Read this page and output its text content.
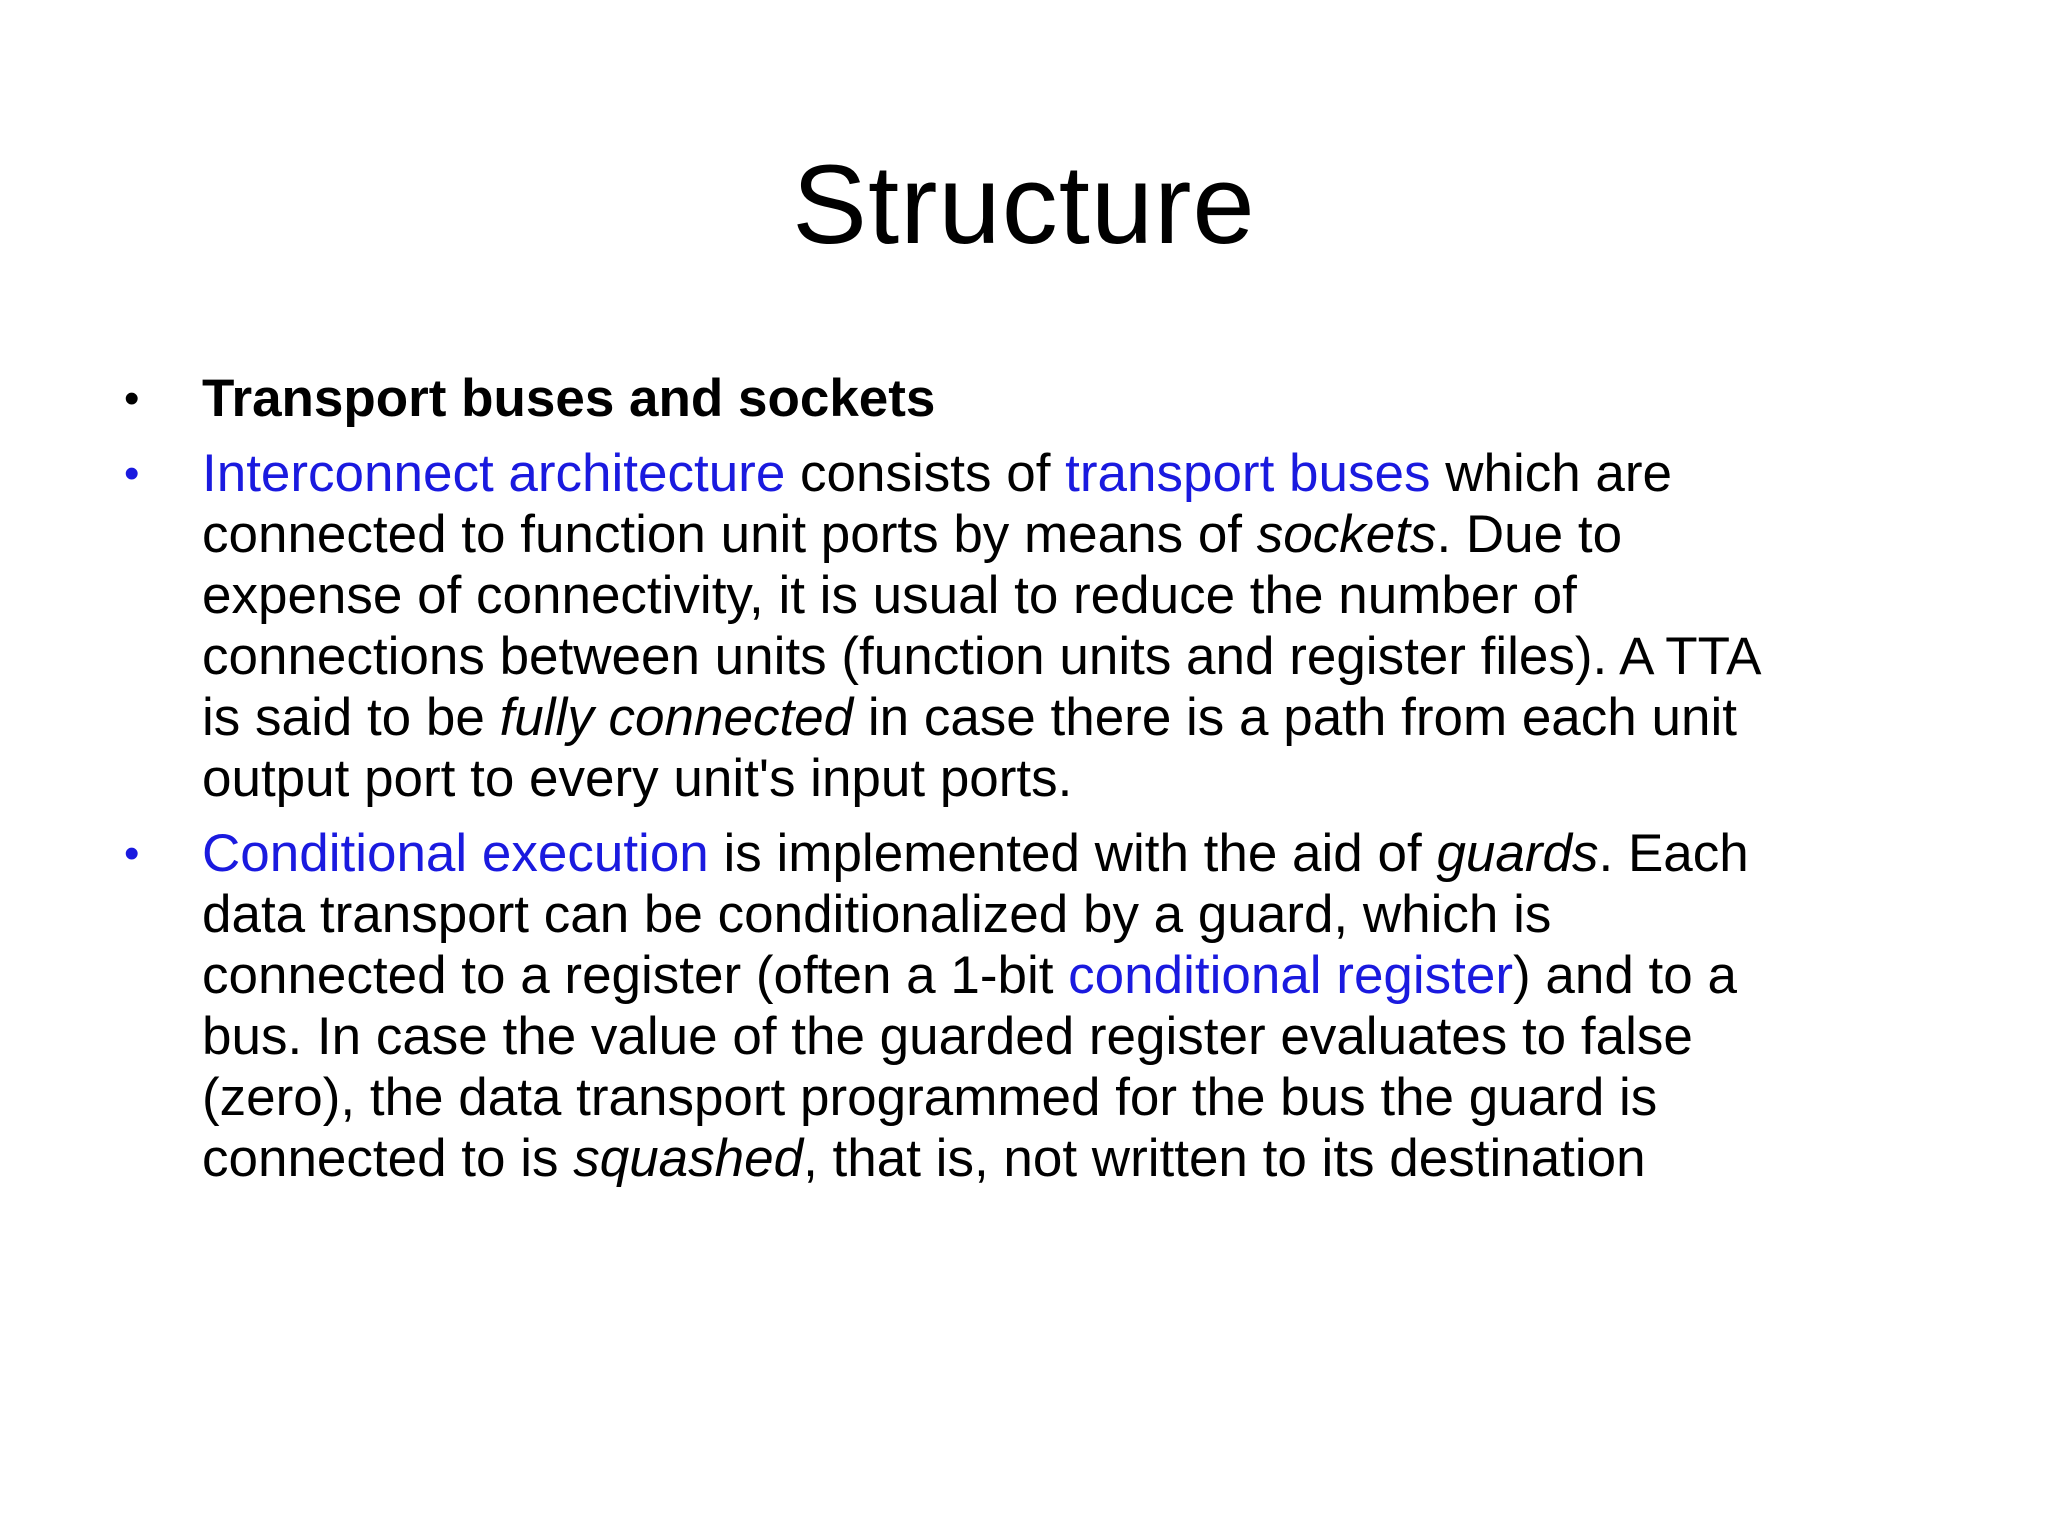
Structure
• Transport buses and sockets
• Interconnect architecture consists of transport buses which are
connected to function unit ports by means of sockets. Due to
expense of connectivity, it is usual to reduce the number of
connections between units (function units and register files). A TTA
is said to be fully connected in case there is a path from each unit
output port to every unit's input ports.
• Conditional execution is implemented with the aid of guards. Each
data transport can be conditionalized by a guard, which is
connected to a register (often a 1-bit conditional register) and to a
bus. In case the value of the guarded register evaluates to false
(zero), the data transport programmed for the bus the guard is
connected to is squashed, that is, not written to its destination
